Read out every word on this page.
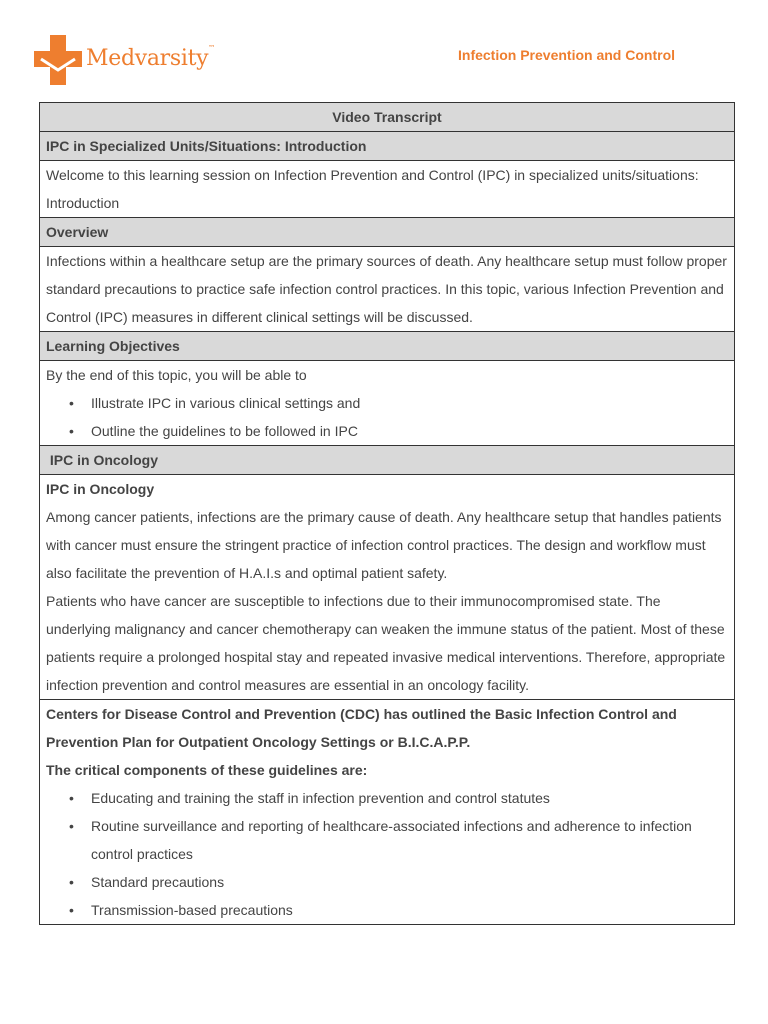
Medvarsity™	Infection Prevention and Control
Video Transcript
IPC in Specialized Units/Situations: Introduction
Welcome to this learning session on Infection Prevention and Control (IPC) in specialized units/situations: Introduction
Overview
Infections within a healthcare setup are the primary sources of death. Any healthcare setup must follow proper standard precautions to practice safe infection control practices. In this topic, various Infection Prevention and Control (IPC) measures in different clinical settings will be discussed.
Learning Objectives

By the end of this topic, you will be able to
• Illustrate IPC in various clinical settings and
• Outline the guidelines to be followed in IPC

IPC in Oncology

IPC in Oncology
Among cancer patients, infections are the primary cause of death. Any healthcare setup that handles patients with cancer must ensure the stringent practice of infection control practices. The design and workflow must also facilitate the prevention of H.A.I.s and optimal patient safety.
Patients who have cancer are susceptible to infections due to their immunocompromised state. The underlying malignancy and cancer chemotherapy can weaken the immune status of the patient. Most of these patients require a prolonged hospital stay and repeated invasive medical interventions. Therefore, appropriate infection prevention and control measures are essential in an oncology facility.

Centers for Disease Control and Prevention (CDC) has outlined the Basic Infection Control and Prevention Plan for Outpatient Oncology Settings or B.I.C.A.P.P.
The critical components of these guidelines are:
• Educating and training the staff in infection prevention and control statutes
• Routine surveillance and reporting of healthcare-associated infections and adherence to infection control practices
• Standard precautions
• Transmission-based precautions
